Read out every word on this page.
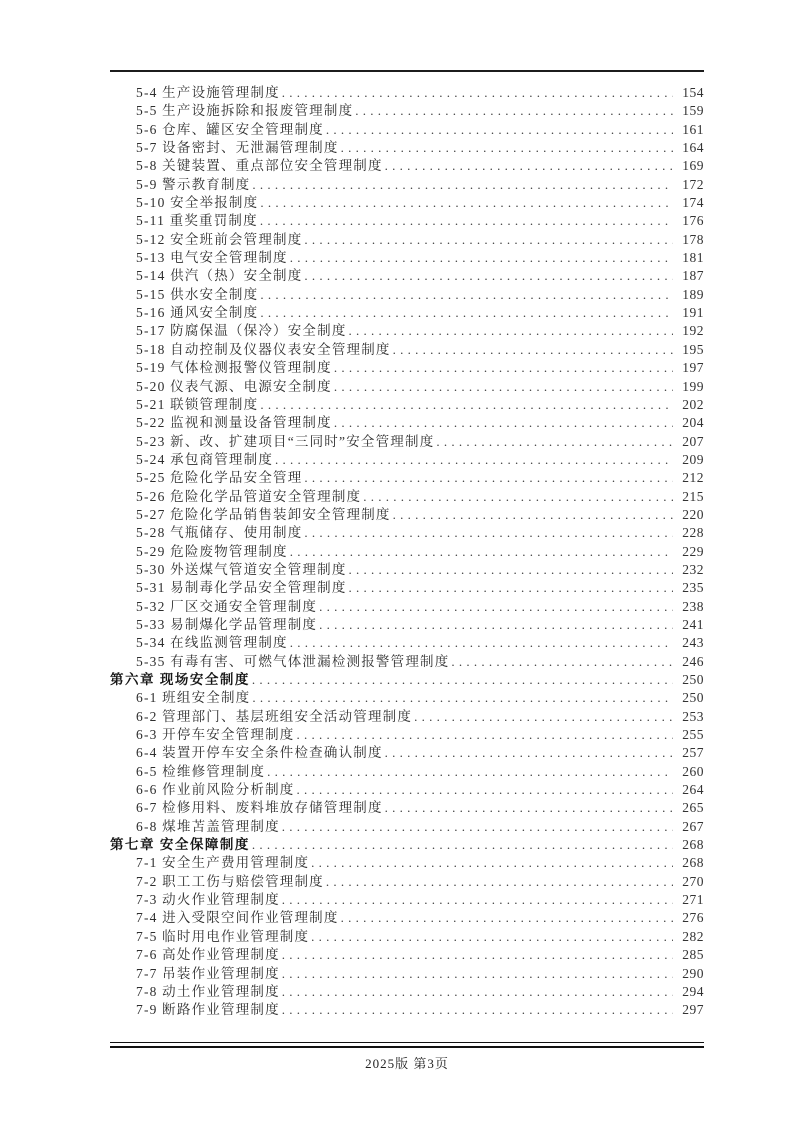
5-4 生产设施管理制度 . . .	154
5-5 生产设施拆除和报废管理制度 . . .	159
5-6 仓库、罐区安全管理制度 . . .	161
5-7 设备密封、无泄漏管理制度 . . .	164
5-8 关键装置、重点部位安全管理制度 . . .	169
5-9 警示教育制度 . . .	172
5-10 安全举报制度 . . .	174
5-11 重奖重罚制度 . . .	176
5-12 安全班前会管理制度 . . .	178
5-13 电气安全管理制度 . . .	181
5-14 供汽（热）安全制度 . . .	187
5-15 供水安全制度 . . .	189
5-16 通风安全制度 . . .	191
5-17 防腐保温（保冷）安全制度 . . .	192
5-18 自动控制及仪器仪表安全管理制度 . . .	195
5-19 气体检测报警仪管理制度 . . .	197
5-20 仪表气源、电源安全制度 . . .	199
5-21 联锁管理制度 . . .	202
5-22 监视和测量设备管理制度 . . .	204
5-23 新、改、扩建项目“三同时”安全管理制度 . . .	207
5-24 承包商管理制度 . . .	209
5-25 危险化学品安全管理 . . .	212
5-26 危险化学品管道安全管理制度 . . .	215
5-27 危险化学品销售装卸安全管理制度 . . .	220
5-28 气瓶储存、使用制度 . . .	228
5-29 危险废物管理制度 . . .	229
5-30 外送煤气管道安全管理制度 . . .	232
5-31 易制毒化学品安全管理制度 . . .	235
5-32 厂区交通安全管理制度 . . .	238
5-33 易制爆化学品管理制度 . . .	241
5-34 在线监测管理制度 . . .	243
5-35 有毒有害、可燃气体泄漏检测报警管理制度 . . .	246
第六章 现场安全制度 . . .	250
6-1 班组安全制度 . . .	250
6-2 管理部门、基层班组安全活动管理制度 . . .	253
6-3 开停车安全管理制度 . . .	255
6-4 装置开停车安全条件检查确认制度 . . .	257
6-5 检维修管理制度 . . .	260
6-6 作业前风险分析制度 . . .	264
6-7 检修用料、废料堆放存储管理制度 . . .	265
6-8 煤堆苫盖管理制度 . . .	267
第七章 安全保障制度 . . .	268
7-1 安全生产费用管理制度 . . .	268
7-2 职工工伤与赔偿管理制度 . . .	270
7-3 动火作业管理制度 . . .	271
7-4 进入受限空间作业管理制度 . . .	276
7-5 临时用电作业管理制度 . . .	282
7-6 高处作业管理制度 . . .	285
7-7 吊装作业管理制度 . . .	290
7-8 动土作业管理制度 . . .	294
7-9 断路作业管理制度 . . .	297
2025版 第3页
